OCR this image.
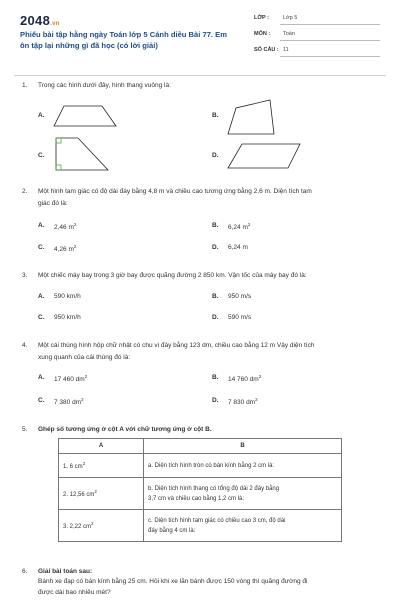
2048.vn
Phiếu bài tập hằng ngày Toán lớp 5 Cánh diều Bài 77. Em
ôn tập lại những gì đã học (có lời giải)
LỚP :	Lớp 5
MÔN : Toán
SỐ CÂU : 11
1. Trong các hình dưới đây, hình thang vuông là:
A.	B.
C.	D.
2. Một hình tam giác có độ dài đáy bằng 4,8 m và chiều cao tương ứng bằng 2,6 m. Diện tích tam
giác đó là:
A. 2,46 $m^2$	B. 6,24 $m^2$
C. 4,26 $m^2$	D. 6,24 m
3. Một chiếc máy bay trong 3 giờ bay được quãng đường 2 850 km. Vận tốc của máy bay đó là:
A. 590 km/h	B. 950 m/s
C. 950 km/h	D. 590 m/s
4. Một cái thùng hình hộp chữ nhật có chu vi đáy bằng 123 dm, chiều cao bằng 12 m Vậy diện tích
xung quanh của cái thùng đó là:
A. 17 460 $dm^2$	B. 14 760 $dm^2$
C. 7 380 $dm^2$	D. 7 830 $dm^2$
5. Ghép số tương ứng ở cột A với chữ tương ứng ở cột B.
A	B
1. 6 $cm^2$	a. Diện tích hình tròn có bán kính bằng 2 cm là:

2. 12,56 $cm^2$	b. Diện tích hình thang có tổng độ dài 2 đáy bằng
3,7 cm và chiều cao bằng 1,2 cm là:

3. 2,22 $cm^2$	c. Diện tích hình tam giác có chiều cao 3 cm, độ dài
đáy bằng 4 cm là:
6. Giải bài toán sau:
Bánh xe đạp có bán kính bằng 25 cm. Hỏi khi xe lăn bánh được 150 vòng thì quãng đường đi
được dài bao nhiêu mét?
